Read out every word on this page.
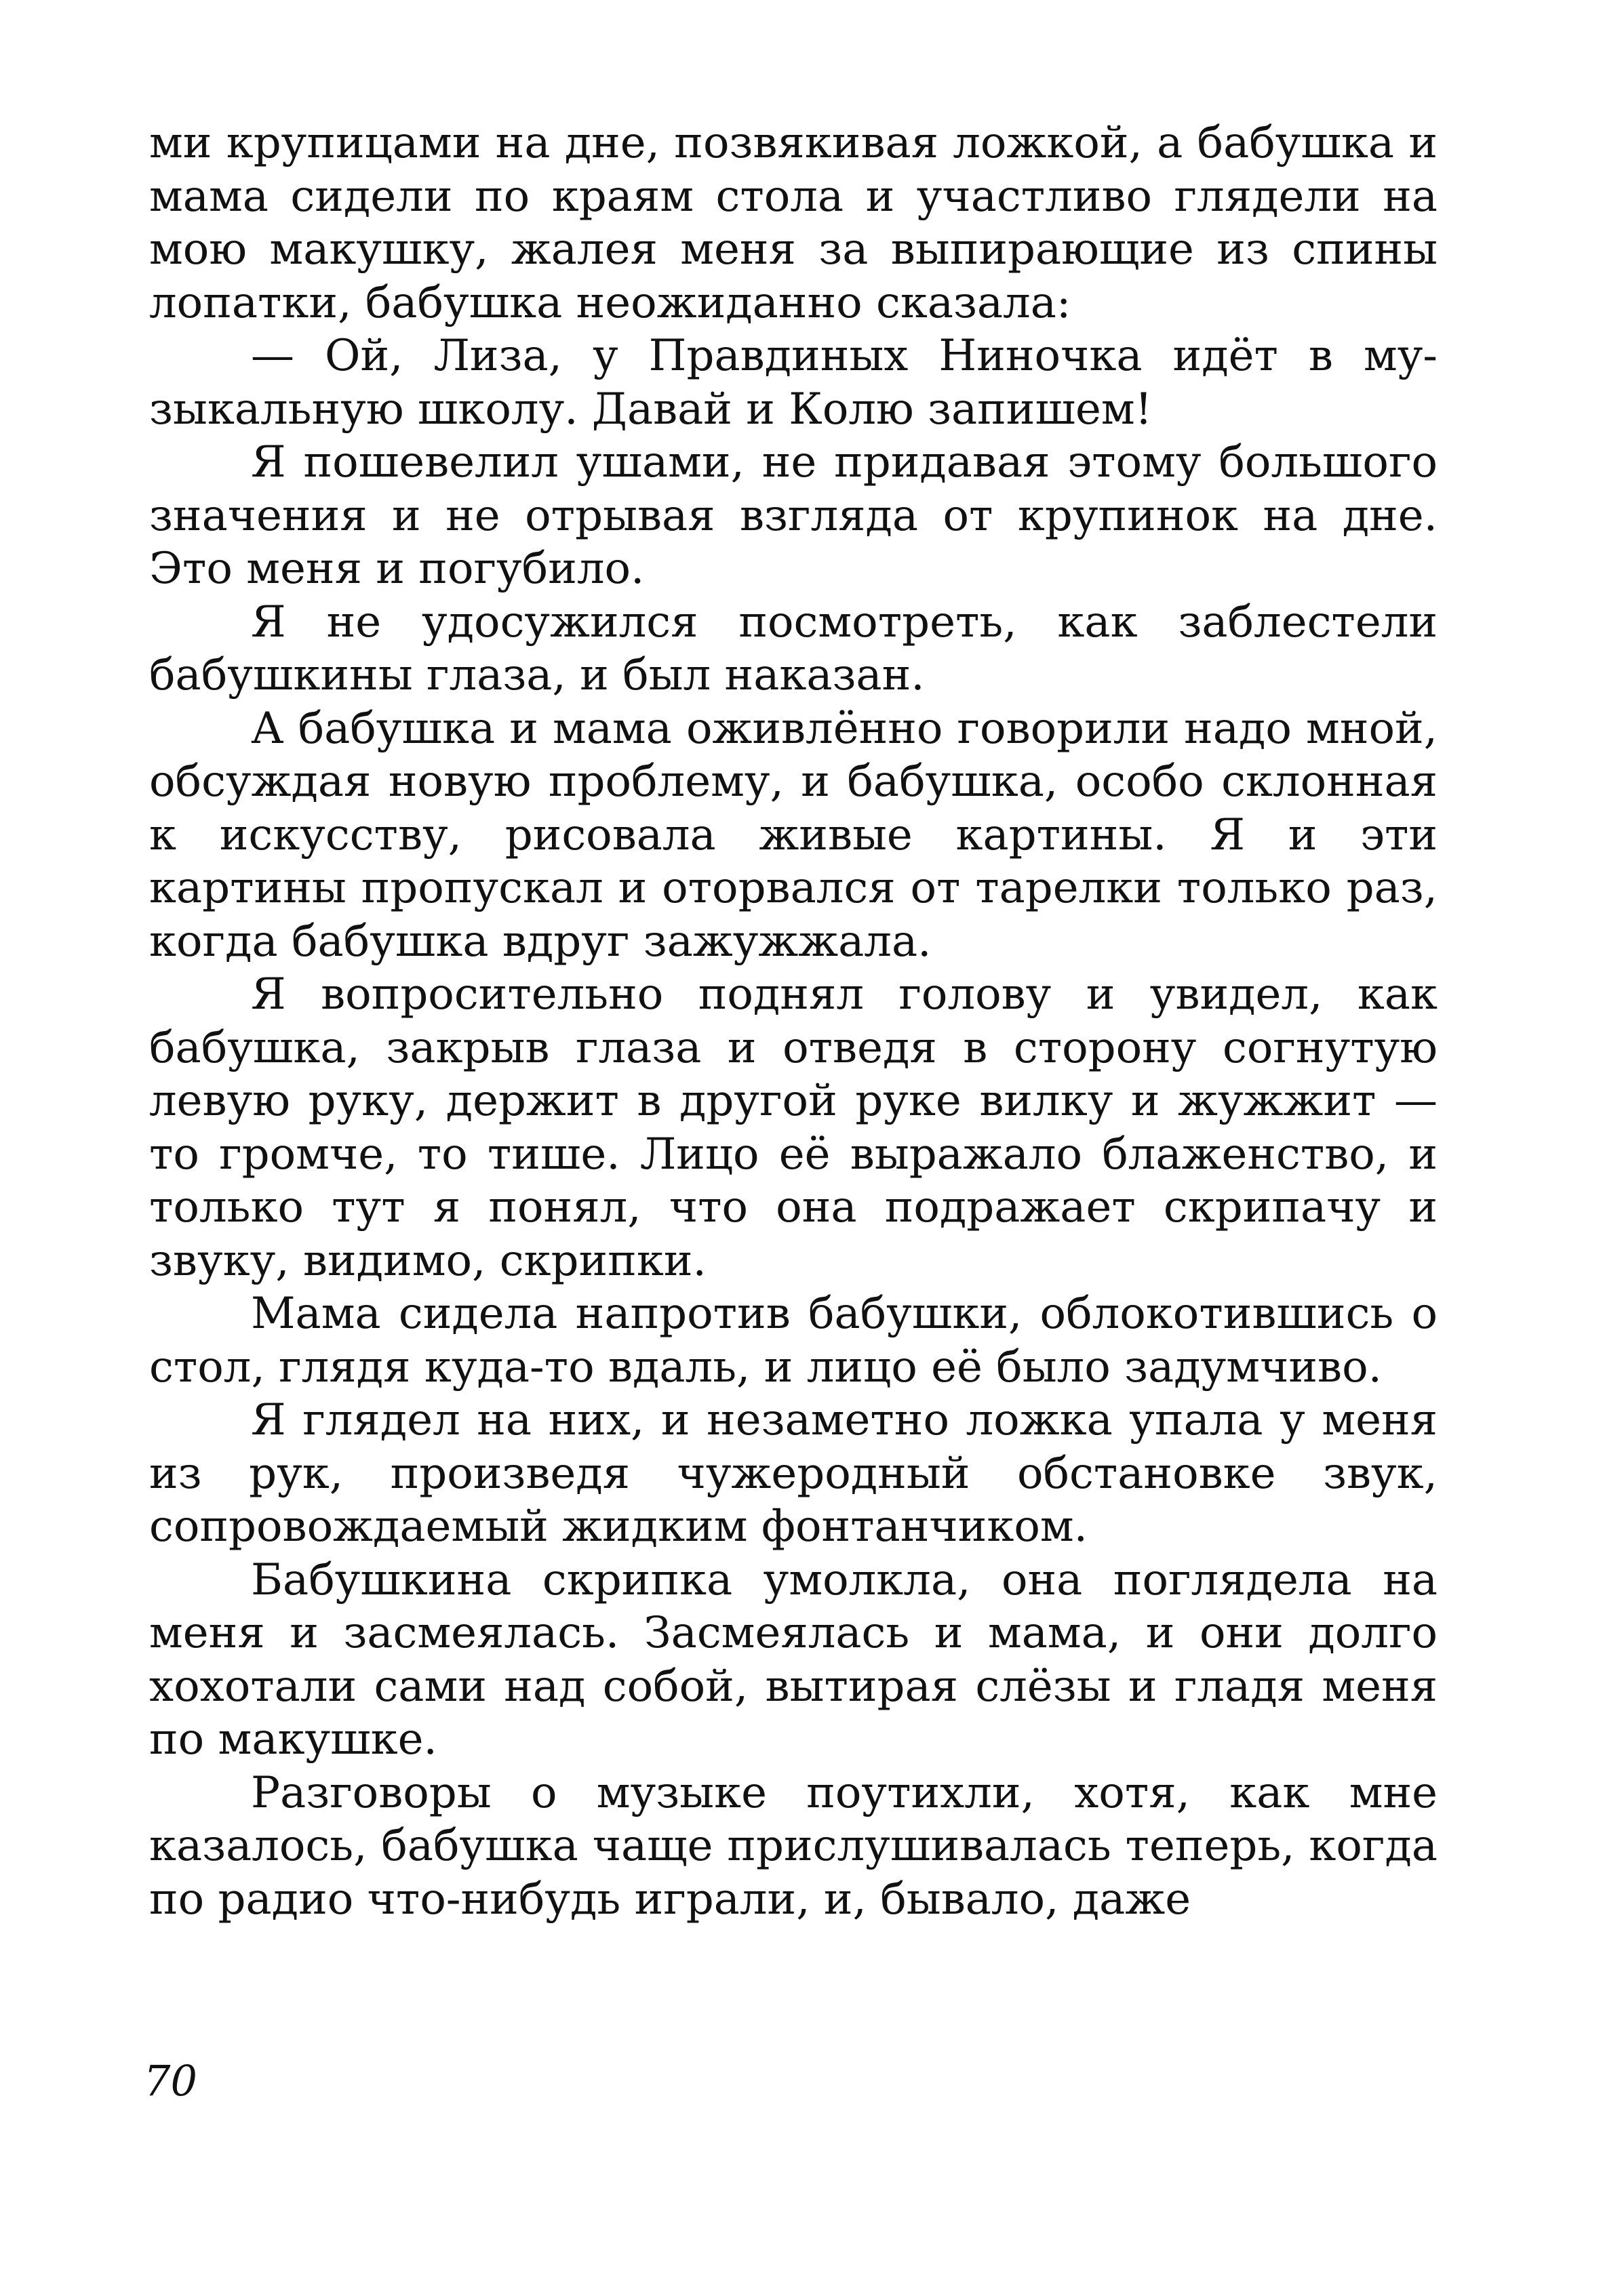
ми крупицами на дне, позвякивая ложкой, а бабушка и мама сидели по краям стола и участливо глядели на мою макушку, жалея меня за выпирающие из спины лопатки, бабушка неожиданно сказала:

— Ой, Лиза, у Правдиных Ниночка идёт в музыкальную школу. Давай и Колю запишем!

Я пошевелил ушами, не придавая этому большого значения и не отрывая взгляда от крупинок на дне. Это меня и погубило.

Я не удосужился посмотреть, как заблестели бабушкины глаза, и был наказан.

А бабушка и мама оживлённо говорили надо мной, обсуждая новую проблему, и бабушка, особо склонная к искусству, рисовала живые картины. Я и эти картины пропускал и оторвался от тарелки только раз, когда бабушка вдруг зажужжала.

Я вопросительно поднял голову и увидел, как бабушка, закрыв глаза и отведя в сторону согнутую левую руку, держит в другой руке вилку и жужжит — то громче, то тише. Лицо её выражало блаженство, и только тут я понял, что она подражает скрипачу и звуку, видимо, скрипки.

Мама сидела напротив бабушки, облокотившись о стол, глядя куда-то вдаль, и лицо её было задумчиво.

Я глядел на них, и незаметно ложка упала у меня из рук, произведя чужеродный обстановке звук, сопровождаемый жидким фонтанчиком.

Бабушкина скрипка умолкла, она поглядела на меня и засмеялась. Засмеялась и мама, и они долго хохотали сами над собой, вытирая слёзы и гладя меня по макушке.

Разговоры о музыке поутихли, хотя, как мне казалось, бабушка чаще прислушивалась теперь, когда по радио что-нибудь играли, и, бывало, даже

70
